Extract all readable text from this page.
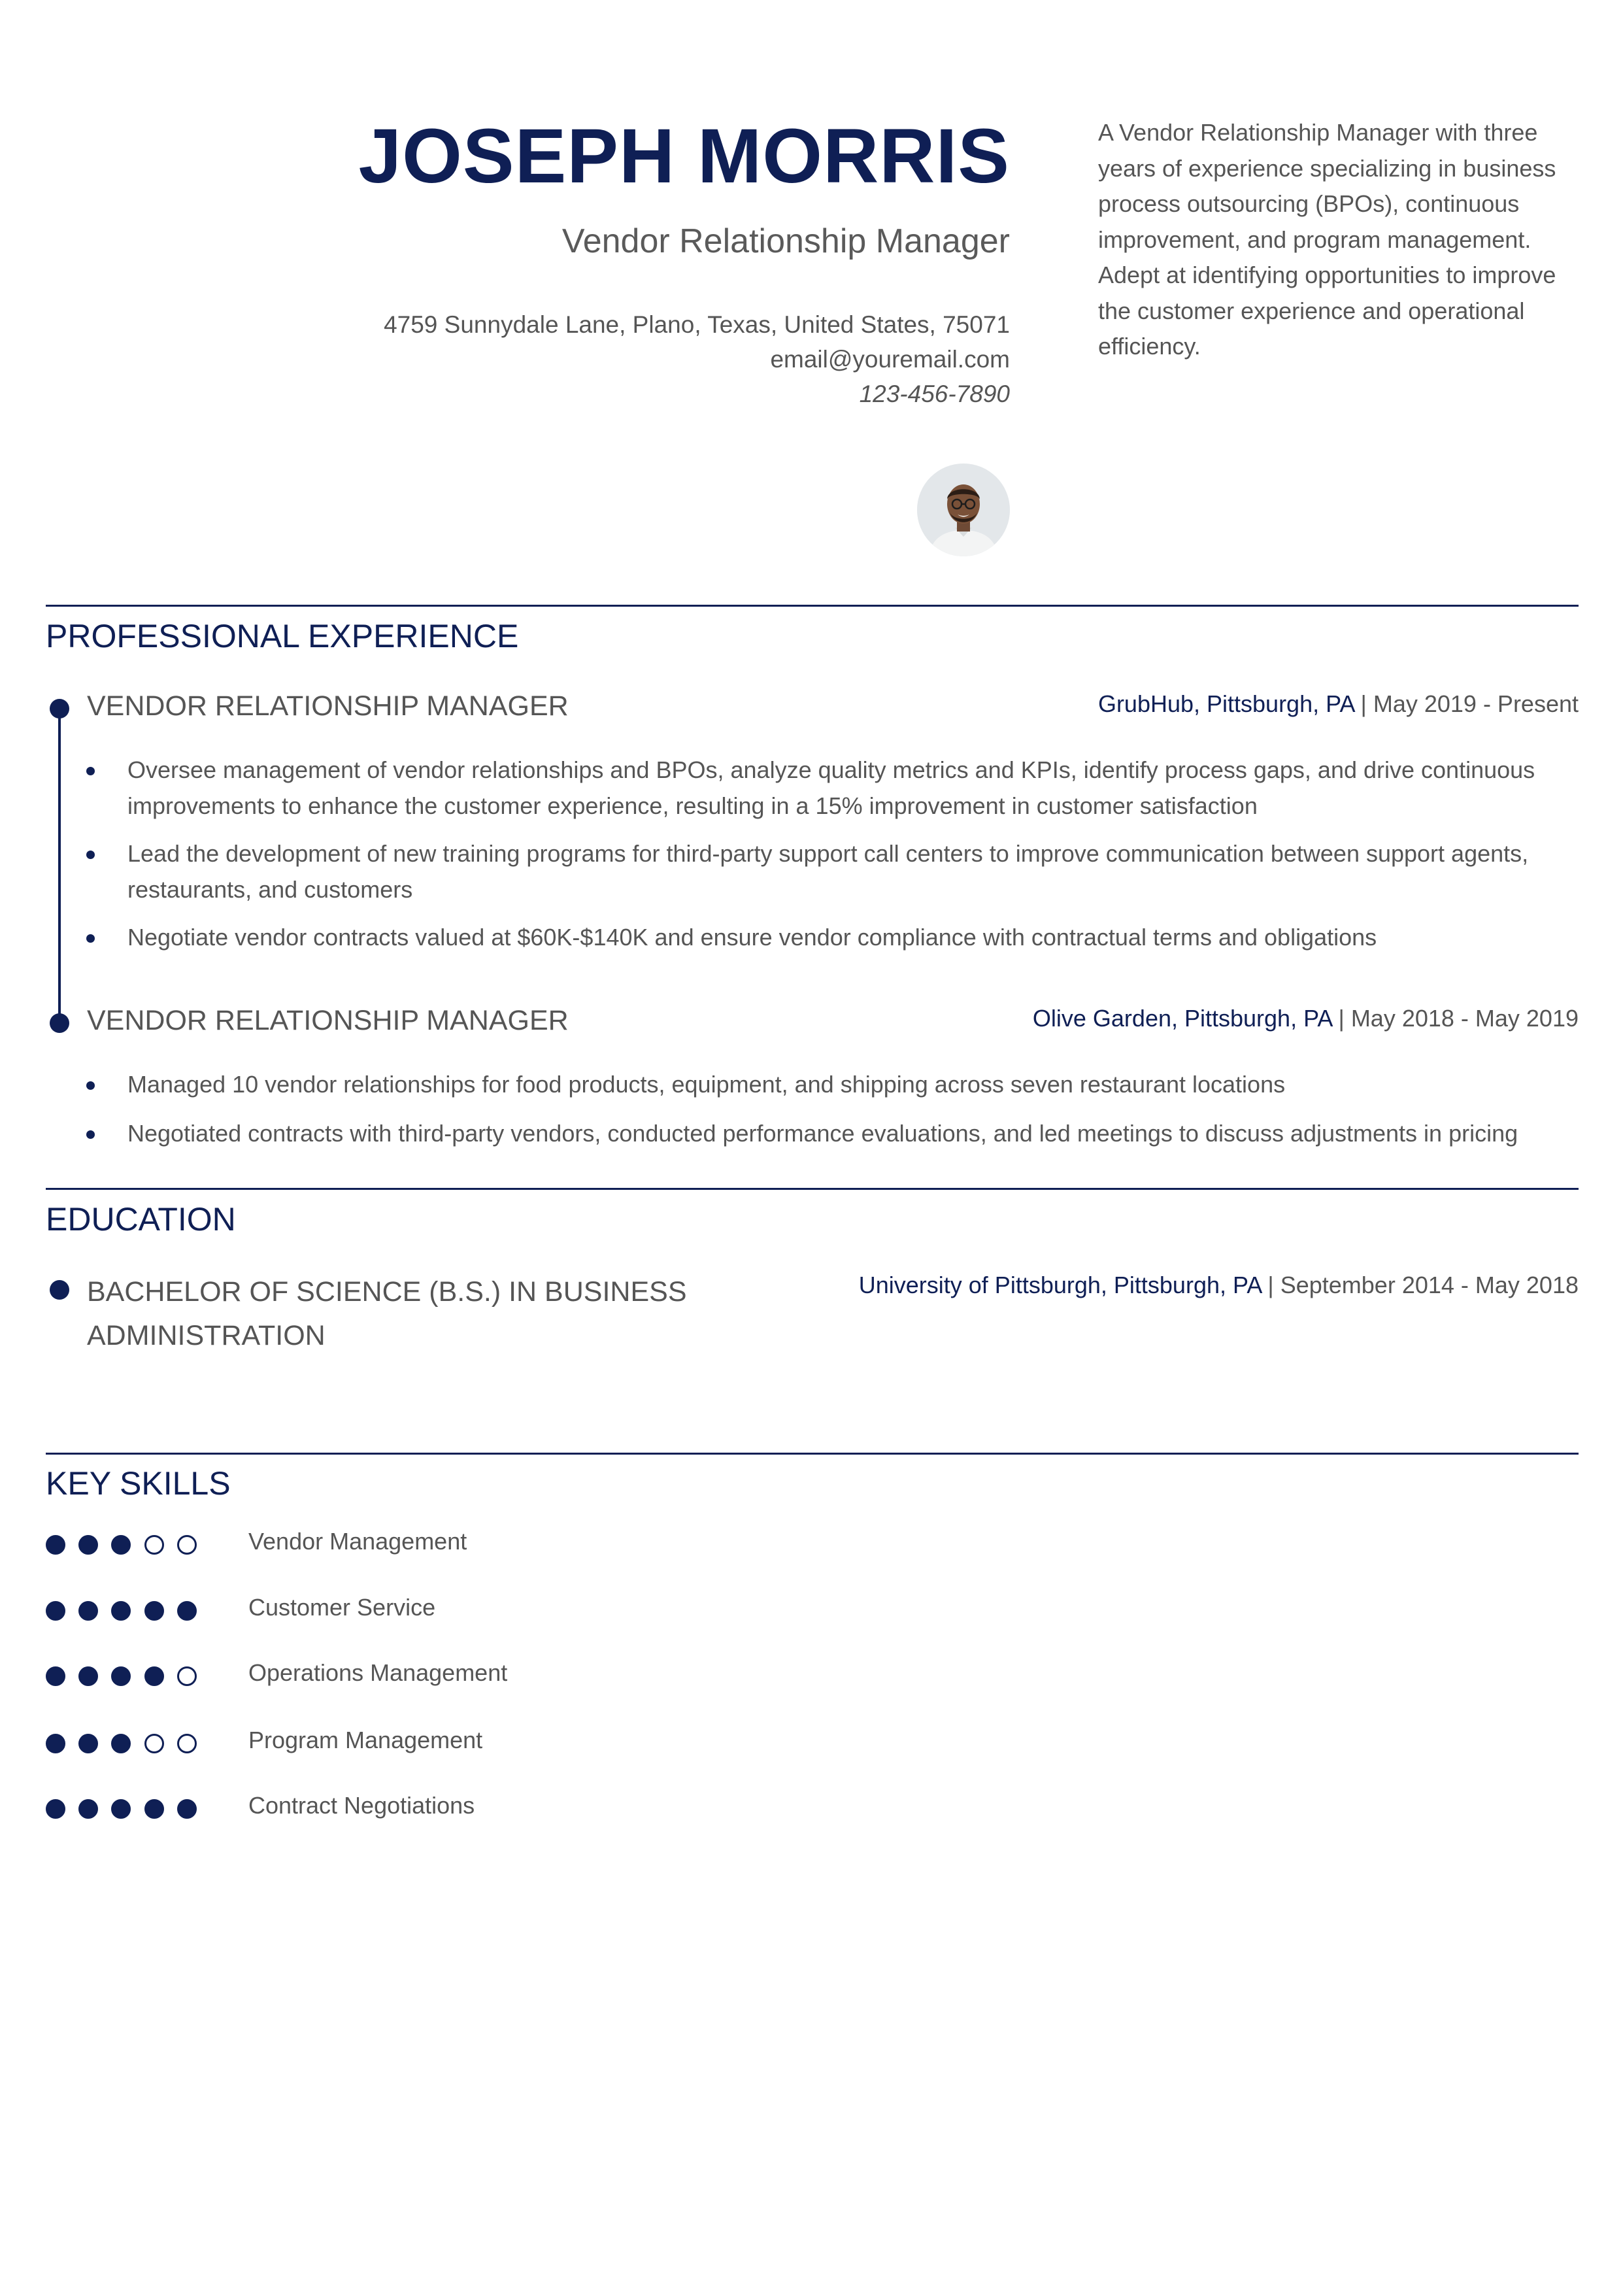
JOSEPH MORRIS
Vendor Relationship Manager
4759 Sunnydale Lane, Plano, Texas, United States, 75071
email@youremail.com
123-456-7890
A Vendor Relationship Manager with three years of experience specializing in business process outsourcing (BPOs), continuous improvement, and program management. Adept at identifying opportunities to improve the customer experience and operational efficiency.
PROFESSIONAL EXPERIENCE
VENDOR RELATIONSHIP MANAGER	GrubHub, Pittsburgh, PA | May 2019 - Present
Oversee management of vendor relationships and BPOs, analyze quality metrics and KPIs, identify process gaps, and drive continuous improvements to enhance the customer experience, resulting in a 15% improvement in customer satisfaction
Lead the development of new training programs for third-party support call centers to improve communication between support agents, restaurants, and customers
Negotiate vendor contracts valued at $60K-$140K and ensure vendor compliance with contractual terms and obligations
VENDOR RELATIONSHIP MANAGER	Olive Garden, Pittsburgh, PA | May 2018 - May 2019
Managed 10 vendor relationships for food products, equipment, and shipping across seven restaurant locations
Negotiated contracts with third-party vendors, conducted performance evaluations, and led meetings to discuss adjustments in pricing
EDUCATION
BACHELOR OF SCIENCE (B.S.) IN BUSINESS
ADMINISTRATION
University of Pittsburgh, Pittsburgh, PA | September 2014 - May 2018
KEY SKILLS
Vendor Management
Customer Service
Operations Management
Program Management
Contract Negotiations
